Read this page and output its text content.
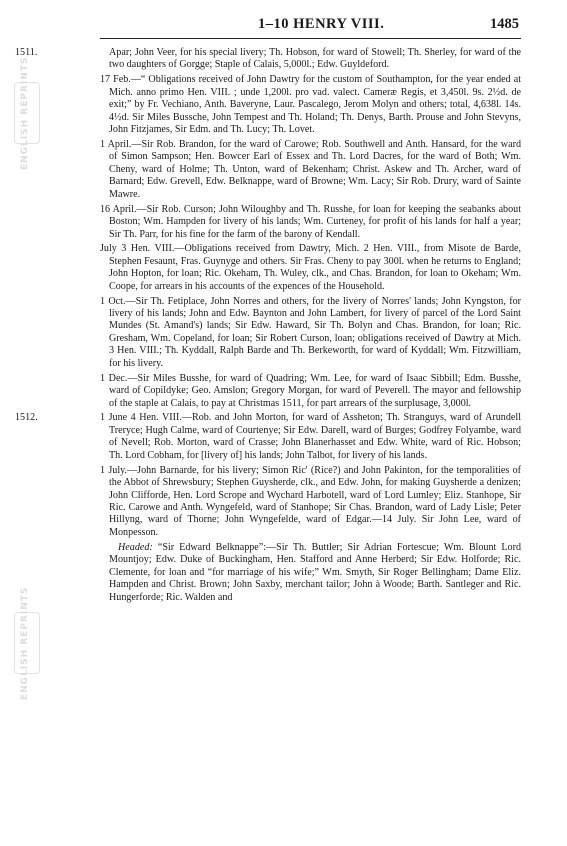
1–10 HENRY VIII.	1485
ENGLISH REPRINTS
ENGLISH REPRINTS

1511.	Apar; John Veer, for his special livery; Th. Hobson, for ward of Stowell; Th. Sherley, for ward of the two daughters of Gorgge; Staple of Calais, 5,000l.; Edw. Guyldeford.

17 Feb.—“ Obligations received of John Dawtry for the custom of Southampton, for the year ended at Mich. anno primo Hen. VIII. ; unde 1,200l. pro vad. valect. Cameræ Regis, et 3,450l. 9s. 2½d. de exit;” by Fr. Vechiano, Anth. Baveryne, Laur. Pascalego, Jerom Molyn and others; total, 4,638l. 14s. 4½d. Sir Miles Bussche, John Tempest and Th. Holand; Th. Denys, Barth. Prouse and John Stevyns, John Fitzjames, Sir Edm. and Th. Lucy; Th. Lovet.

1 April.—Sir Rob. Brandon, for the ward of Carowe; Rob. Southwell and Anth. Hansard, for the ward of Simon Sampson; Hen. Bowcer Earl of Essex and Th. Lord Dacres, for the ward of Both; Wm. Cheny, ward of Holme; Th. Unton, ward of Bekenham; Christ. Askew and Th. Archer, ward of Barnard; Edw. Grevell, Edw. Belknappe, ward of Browne; Wm. Lacy; Sir Rob. Drury, ward of Sainte Mawre.

16 April.—Sir Rob. Curson; John Wiloughby and Th. Russhe, for loan for keeping the seabanks about Boston; Wm. Hampden for livery of his lands; Wm. Curteney, for profit of his lands for half a year; Sir Th. Parr, for his fine for the farm of the barony of Kendall.

July 3 Hen. VIII.—Obligations received from Dawtry, Mich. 2 Hen. VIII., from Misote de Barde, Stephen Fesaunt, Fras. Guynyge and others. Sir Fras. Cheny to pay 300l. when he returns to England; John Hopton, for loan; Ric. Okeham, Th. Wuley, clk., and Chas. Brandon, for loan to Okeham; Wm. Coope, for arrears in his accounts of the expences of the Household.

1 Oct.—Sir Th. Fetiplace, John Norres and others, for the livery of Norres' lands; John Kyngston, for livery of his lands; John and Edw. Baynton and John Lambert, for livery of parcel of the Lord Saint Mundes (St. Amand's) lands; Sir Edw. Haward, Sir Th. Bolyn and Chas. Brandon, for loan; Ric. Gresham, Wm. Copeland, for loan; Sir Robert Curson, loan; obligations received of Dawtry at Mich. 3 Hen. VIII.; Th. Kyddall, Ralph Barde and Th. Berkeworth, for ward of Kyddall; Wm. Fitzwilliam, for his livery.

1 Dec.—Sir Miles Busshe, for ward of Quadring; Wm. Lee, for ward of Isaac Sibbill; Edm. Busshe, ward of Copildyke; Geo. Amslon; Gregory Morgan, for ward of Peverell. The mayor and fellowship of the staple at Calais, to pay at Christmas 1511, for part arrears of the surplusage, 3,000l.

1512.	1 June 4 Hen. VIII.—Rob. and John Morton, for ward of Assheton; Th. Stranguys, ward of Arundell Treryce; Hugh Calme, ward of Courtenye; Sir Edw. Darell, ward of Burges; Godfrey Folyambe, ward of Nevell; Rob. Morton, ward of Crasse; John Blanerhasset and Edw. White, ward of Ric. Hobson; Th. Lord Cobham, for [livery of] his lands; John Talbot, for livery of his lands.

1 July.—John Barnarde, for his livery; Simon Ric' (Rice?) and John Pakinton, for the temporalities of the Abbot of Shrewsbury; Stephen Guysherde, clk., and Edw. John, for making Guysherde a denizen; John Clifforde, Hen. Lord Scrope and Wychard Harbotell, ward of Lord Lumley; Eliz. Stanhope, Sir Ric. Carowe and Anth. Wyngefeld, ward of Stanhope; Sir Chas. Brandon, ward of Lady Lisle; Peter Hillyng, ward of Thorne; John Wyngefelde, ward of Edgar.—14 July. Sir John Lee, ward of Monpesson.

Headed: “Sir Edward Belknappe”:—Sir Th. Buttler; Sir Adrian Fortescue; Wm. Blount Lord Mountjoy; Edw. Duke of Buckingham, Hen. Stafford and Anne Herberd; Sir Edw. Holforde; Ric. Clemente, for loan and “for marriage of his wife;” Wm. Smyth, Sir Roger Bellingham; Dame Eliz. Hampden and Christ. Brown; John Saxby, merchant tailor; John à Woode; Barth. Santleger and Ric. Hungerforde; Ric. Walden and
